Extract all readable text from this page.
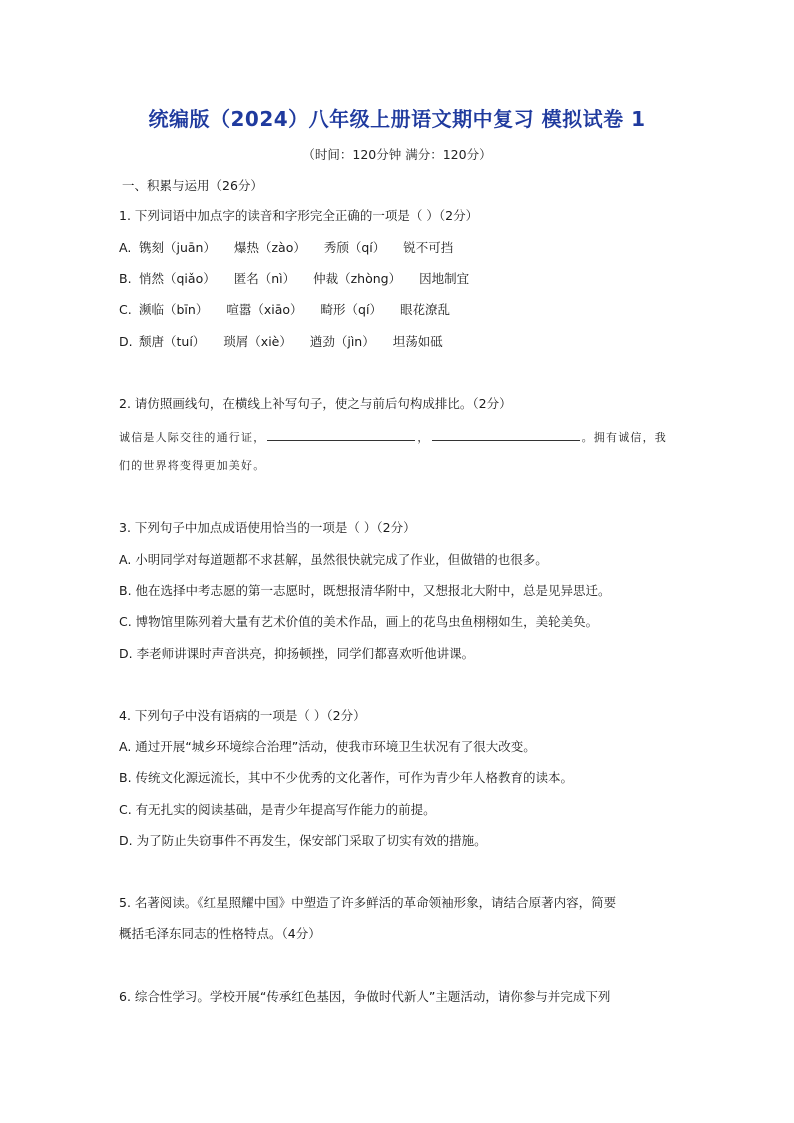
统编版（2024）八年级上册语文期中复习 模拟试卷 1
（时间：120分钟 满分：120分）
一、积累与运用（26分）
1. 下列词语中加点字的读音和字形完全正确的一项是（ ）（2分）
A. 镌刻（juān） 爆热（zào） 秀颀（qí） 锐不可挡
B. 悄然（qiǎo） 匿名（nì） 仲裁（zhòng） 因地制宜
C. 濒临（bīn） 喧嚣（xiāo） 畸形（qí） 眼花潦乱
D. 颓唐（tuí） 琐屑（xiè） 遒劲（jìn） 坦荡如砥
2. 请仿照画线句，在横线上补写句子，使之与前后句构成排比。（2分）
诚信是人际交往的通行证，	，	。拥有诚信，我
们的世界将变得更加美好。
3. 下列句子中加点成语使用恰当的一项是（ ）（2分）
A. 小明同学对每道题都不求甚解，虽然很快就完成了作业，但做错的也很多。
B. 他在选择中考志愿的第一志愿时，既想报清华附中，又想报北大附中，总是见异思迁。
C. 博物馆里陈列着大量有艺术价值的美术作品，画上的花鸟虫鱼栩栩如生，美轮美奂。
D. 李老师讲课时声音洪亮，抑扬顿挫，同学们都喜欢听他讲课。
4. 下列句子中没有语病的一项是（ ）（2分）
A. 通过开展“城乡环境综合治理”活动，使我市环境卫生状况有了很大改变。
B. 传统文化源远流长，其中不少优秀的文化著作，可作为青少年人格教育的读本。
C. 有无扎实的阅读基础，是青少年提高写作能力的前提。
D. 为了防止失窃事件不再发生，保安部门采取了切实有效的措施。
5. 名著阅读。《红星照耀中国》中塑造了许多鲜活的革命领袖形象，请结合原著内容，简要
概括毛泽东同志的性格特点。（4分）
6. 综合性学习。学校开展“传承红色基因，争做时代新人”主题活动，请你参与并完成下列
